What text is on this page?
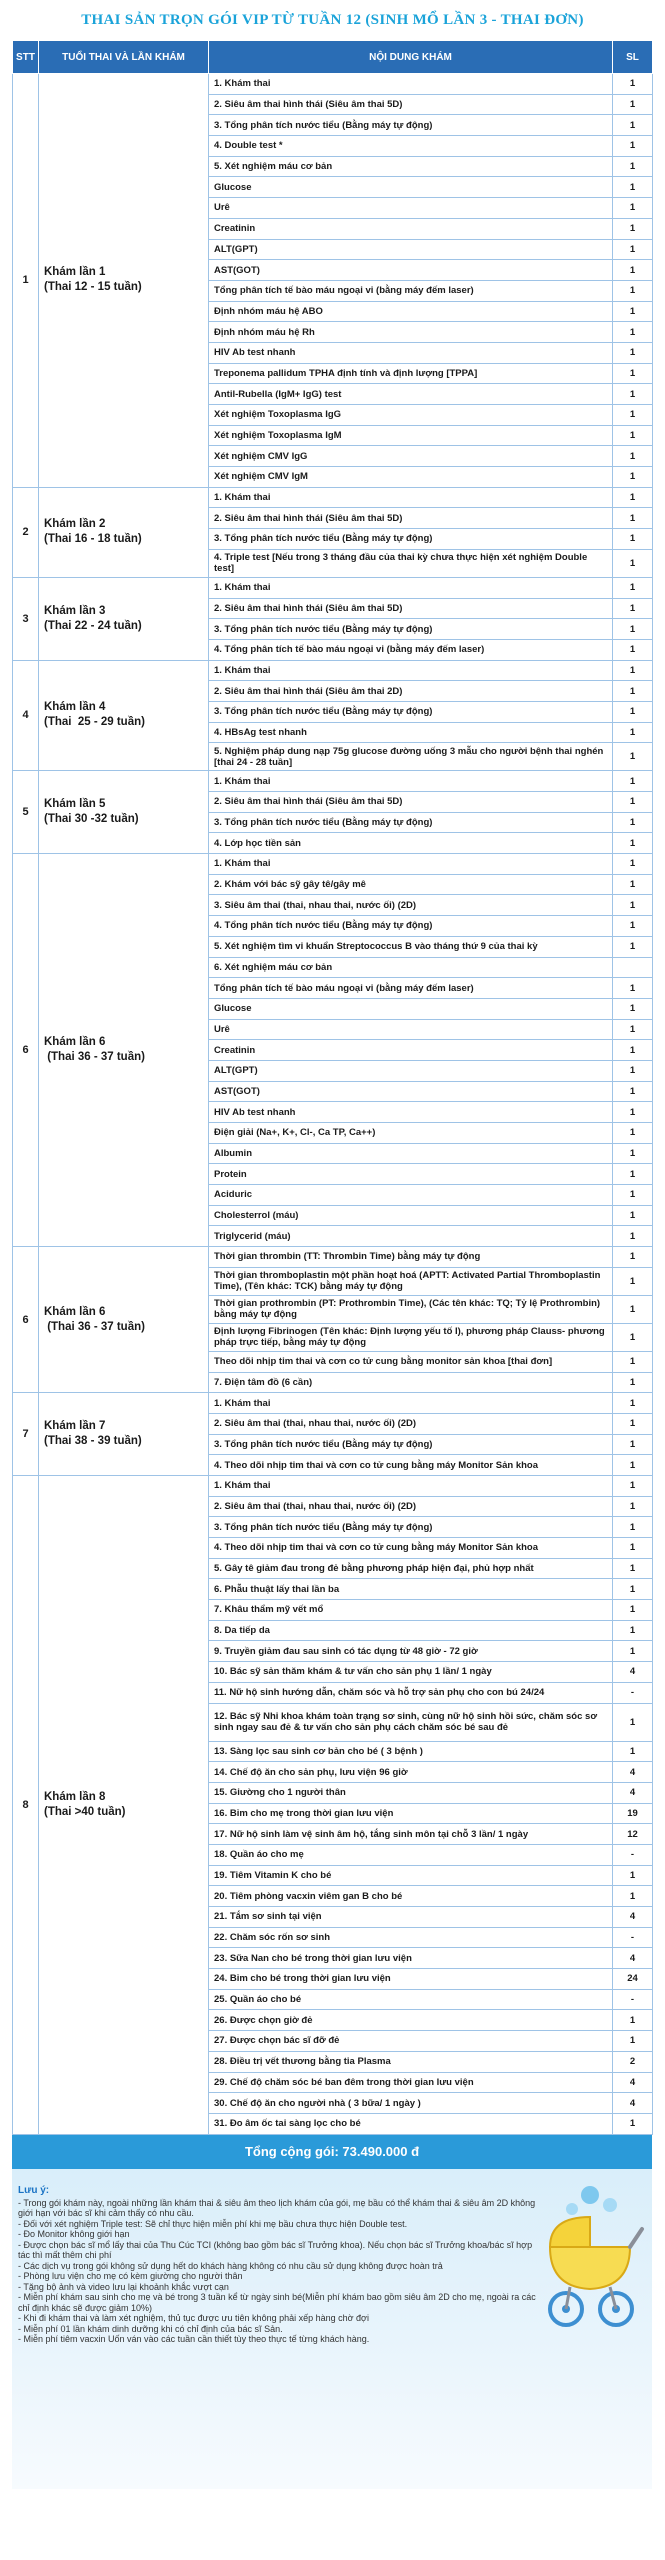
THAI SẢN TRỌN GÓI VIP TỪ TUẦN 12 (SINH MỔ LẦN 3 - THAI ĐƠN)
STT	TUỔI THAI VÀ LẦN KHÁM	NỘI DUNG KHÁM	SL
1	Khám lần 1
(Thai 12 - 15 tuần)	1. Khám thai	1
		2. Siêu âm thai hình thái (Siêu âm thai 5D)	1
		3. Tổng phân tích nước tiểu (Bằng máy tự động)	1
		4. Double test *	1
		5. Xét nghiệm máu cơ bản	1
		Glucose	1
		Urê	1
		Creatinin	1
		ALT(GPT)	1
		AST(GOT)	1
		Tổng phân tích tế bào máu ngoại vi (bằng máy đếm laser)	1
		Định nhóm máu hệ ABO	1
		Định nhóm máu hệ Rh	1
		HIV Ab test nhanh	1
		Treponema pallidum TPHA định tính và định lượng [TPPA]	1
		Antil-Rubella (IgM+ IgG) test	1
		Xét nghiệm Toxoplasma IgG	1
		Xét nghiệm Toxoplasma IgM	1
		Xét nghiệm CMV IgG	1
		Xét nghiệm CMV IgM	1
2	Khám lần 2
(Thai 16 - 18 tuần)	1. Khám thai	1
		2. Siêu âm thai hình thái (Siêu âm thai 5D)	1
		3. Tổng phân tích nước tiểu (Bằng máy tự động)	1
		4. Triple test [Nếu trong 3 tháng đầu của thai kỳ chưa thực hiện xét nghiệm Double test]	1
3	Khám lần 3
(Thai 22 - 24 tuần)	1. Khám thai	1
		2. Siêu âm thai hình thái (Siêu âm thai 5D)	1
		3. Tổng phân tích nước tiểu (Bằng máy tự động)	1
		4. Tổng phân tích tế bào máu ngoại vi (bằng máy đếm laser)	1
4	Khám lần 4
(Thai  25 - 29 tuần)	1. Khám thai	1
		2. Siêu âm thai hình thái (Siêu âm thai 2D)	1
		3. Tổng phân tích nước tiểu (Bằng máy tự động)	1
		4. HBsAg test nhanh	1
		5. Nghiệm pháp dung nạp 75g glucose đường uống 3 mẫu cho người bệnh thai nghén [thai 24 - 28 tuần]	1
5	Khám lần 5
(Thai 30 -32 tuần)	1. Khám thai	1
		2. Siêu âm thai hình thái (Siêu âm thai 5D)	1
		3. Tổng phân tích nước tiểu (Bằng máy tự động)	1
		4. Lớp học tiền sản	1
6	Khám lần 6
(Thai 36 - 37 tuần)	1. Khám thai	1
		2. Khám với bác sỹ gây tê/gây mê	1
		3. Siêu âm thai (thai, nhau thai, nước ối) (2D)	1
		4. Tổng phân tích nước tiểu (Bằng máy tự động)	1
		5. Xét nghiệm tìm vi khuẩn Streptococcus B vào tháng thứ 9 của thai kỳ	1
		6. Xét nghiệm máu cơ bản	
		Tổng phân tích tế bào máu ngoại vi (bằng máy đếm laser)	1
		Glucose	1
		Urê	1
		Creatinin	1
		ALT(GPT)	1
		AST(GOT)	1
		HIV Ab test nhanh	1
		Điện giải (Na+, K+, Cl-, Ca TP, Ca++)	1
		Albumin	1
		Protein	1
		Aciduric	1
		Cholesterrol (máu)	1
		Triglycerid (máu)	1
6	Khám lần 6
(Thai 36 - 37 tuần)	Thời gian thrombin (TT: Thrombin Time) bằng máy tự động	1
		Thời gian thromboplastin một phần hoạt hoá (APTT: Activated Partial Thromboplastin Time), (Tên khác: TCK) bằng máy tự động	1
		Thời gian prothrombin (PT: Prothrombin Time), (Các tên khác: TQ; Tỷ lệ Prothrombin) bằng máy tự động	1
		Định lượng Fibrinogen (Tên khác: Định lượng yếu tố I), phương pháp Clauss- phương pháp trực tiếp, bằng máy tự động	1
		Theo dõi nhịp tim thai và cơn co tử cung bằng monitor sản khoa [thai đơn]	1
		7. Điện tâm đồ (6 cần)	1
7	Khám lần 7
(Thai 38 - 39 tuần)	1. Khám thai	1
		2. Siêu âm thai (thai, nhau thai, nước ối) (2D)	1
		3. Tổng phân tích nước tiểu (Bằng máy tự động)	1
		4. Theo dõi nhịp tim thai và cơn co tử cung bằng máy Monitor Sản khoa	1
8	Khám lần 8
(Thai >40 tuần)	1. Khám thai	1
		2. Siêu âm thai (thai, nhau thai, nước ối) (2D)	1
		3. Tổng phân tích nước tiểu (Bằng máy tự động)	1
		4. Theo dõi nhịp tim thai và cơn co tử cung bằng máy Monitor Sản khoa	1
		5. Gây tê giảm đau trong đẻ bằng phương pháp hiện đại, phủ hợp nhất	1
		6. Phẫu thuật lấy thai lần ba	1
		7. Khâu thẩm mỹ vết mổ	1
		8. Da tiếp da	1
		9. Truyền giảm đau sau sinh có tác dụng từ 48 giờ - 72 giờ	1
		10. Bác sỹ sản thăm khám & tư vấn cho sản phụ 1 lần/ 1 ngày	4
		11. Nữ hộ sinh hướng dẫn, chăm sóc và hỗ trợ sản phụ cho con bú 24/24	-
		12. Bác sỹ Nhi khoa khám toàn trạng sơ sinh, cùng nữ hộ sinh hồi sức, chăm sóc sơ sinh ngay sau đẻ & tư vấn cho sản phụ cách chăm sóc bé sau đẻ	1
		13. Sàng lọc sau sinh cơ bản cho bé ( 3 bệnh )	1
		14. Chế độ ăn cho sản phụ, lưu viện 96 giờ	4
		15. Giường cho 1 người thân	4
		16. Bỉm cho mẹ trong thời gian lưu viện	19
		17. Nữ hộ sinh làm vệ sinh âm hộ, tắng sinh môn tại chỗ 3 lần/ 1 ngày	12
		18. Quần áo cho mẹ	-
		19. Tiêm Vitamin K cho bé	1
		20. Tiêm phòng vacxin viêm gan B cho bé	1
		21. Tắm sơ sinh tại viện	4
		22. Chăm sóc rốn sơ sinh	-
		23. Sữa Nan cho bé trong thời gian lưu viện	4
		24. Bỉm cho bé trong thời gian lưu viện	24
		25. Quần áo cho bé	-
		26. Được chọn giờ đẻ	1
		27. Được chọn bác sĩ đỡ đẻ	1
		28. Điều trị vết thương bằng tia Plasma	2
		29. Chế độ chăm sóc bé ban đêm trong thời gian lưu viện	4
		30. Chế độ ăn cho người nhà ( 3 bữa/ 1 ngày )	4
		31. Đo âm ốc tai sàng lọc cho bé	1
Tổng cộng gói: 73.490.000 đ
Lưu ý:
- Trong gói khám này, ngoài những lần khám thai & siêu âm theo lịch khám của gói, mẹ bầu có thể khám thai & siêu âm 2D không giới hạn với bác sĩ khi cảm thấy có nhu cầu.
- Đối với xét nghiệm Triple test: Sẽ chỉ thực hiện miễn phí khi mẹ bầu chưa thực hiện Double test.
- Đo Monitor không giới hạn
- Được chọn bác sĩ mổ lấy thai của Thu Cúc TCI (không bao gồm bác sĩ Trưởng khoa). Nếu chọn bác sĩ Trưởng khoa/bác sĩ hợp tác thì mất thêm chi phí
- Các dịch vụ trong gói không sử dụng hết do khách hàng không có nhu cầu sử dụng không được hoàn trả
- Phòng lưu viện cho mẹ có kèm giường cho người thân
- Tặng bộ ảnh và video lưu lại khoảnh khắc vượt cạn
- Miễn phí khám sau sinh cho mẹ và bé trong 3 tuần kể từ ngày sinh bé(Miễn phí khám bao gồm siêu âm 2D cho mẹ, ngoài ra các chỉ định khác sẽ được giảm 10%)
- Khi đi khám thai và làm xét nghiệm, thủ tục được ưu tiên không phải xếp hàng chờ đợi
- Miễn phí 01 lần khám dinh dưỡng khi có chỉ định của bác sĩ Sản.
- Miễn phí tiêm vacxin Uốn ván vào các tuần cần thiết tùy theo thực tế từng khách hàng.
